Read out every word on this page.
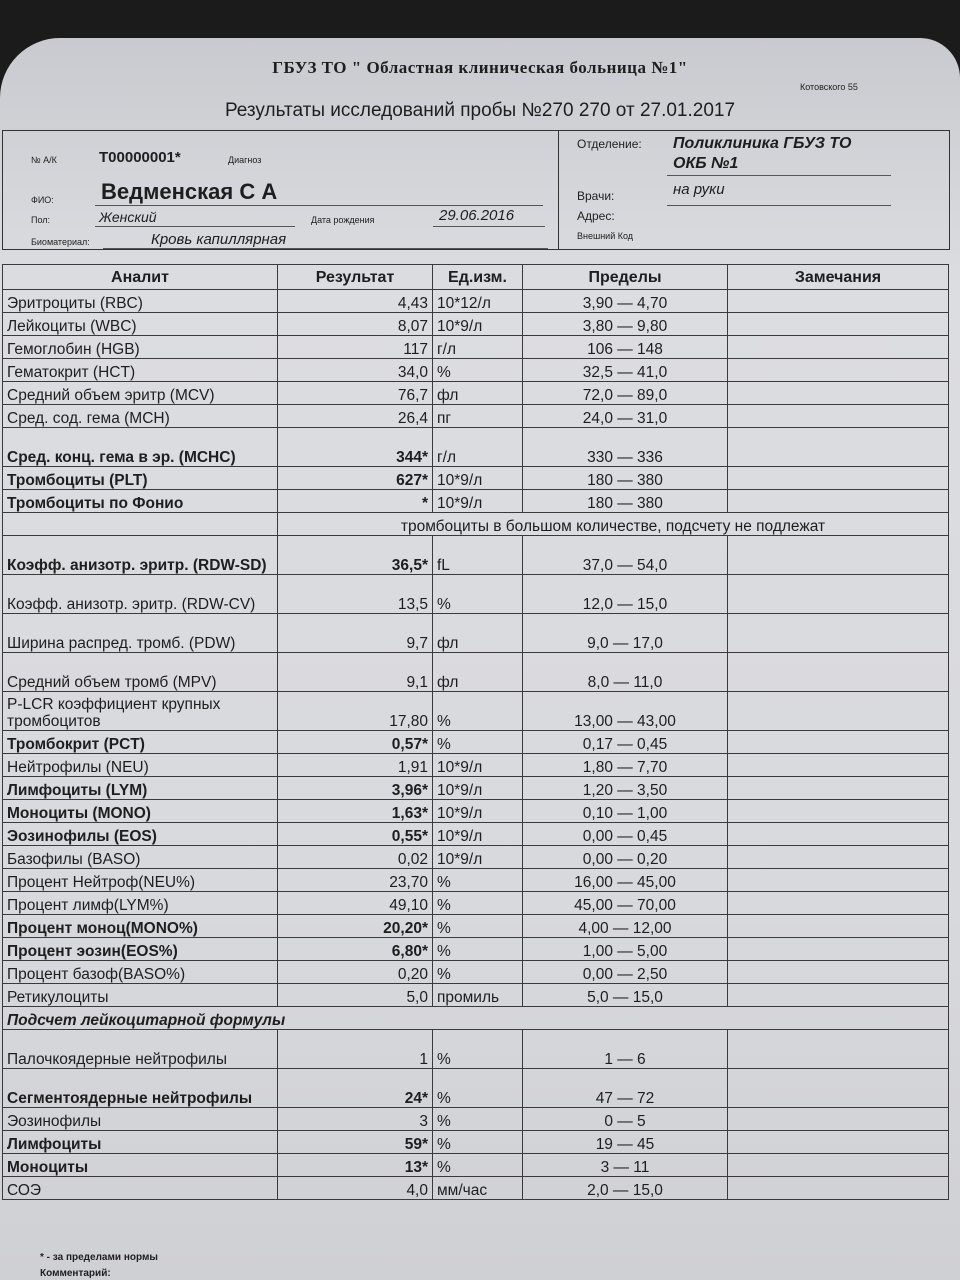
ГБУЗ ТО " Областная клиническая больница №1"
Котовского 55
Результаты исследований пробы №270 270 от 27.01.2017
№ А/К	Т00000001*	Диагноз
ФИО: Ведменская С А
Пол:	Женский	Дата рождения	29.06.2016
Биоматериал:	Кровь капиллярная
Отделение: Поликлиника ГБУЗ ТО
ОКБ №1
Врачи:	на руки
Адрес:
Внешний Код
Аналит	Результат	Ед.изм.	Пределы	Замечания
Эритроциты (RBC)	4,43	10*12/л	3,90 — 4,70	
Лейкоциты (WBC)	8,07	10*9/л	3,80 — 9,80	
Гемоглобин (HGB)	117	г/л	106 — 148	
Гематокрит (HCT)	34,0	%	32,5 — 41,0	
Средний объем эритр (MCV)	76,7	фл	72,0 — 89,0	
Сред. сод. гема (MCH)	26,4	пг	24,0 — 31,0	
Сред. конц. гема в эр. (MCHC)	344*	г/л	330 — 336	
Тромбоциты (PLT)	627*	10*9/л	180 — 380	
Тромбоциты по Фонио	*	10*9/л	180 — 380	
	тромбоциты в большом количестве, подсчету не подлежат			
Коэфф. анизотр. эритр. (RDW-SD)	36,5*	fL	37,0 — 54,0	
Коэфф. анизотр. эритр. (RDW-CV)	13,5	%	12,0 — 15,0	
Ширина распред. тромб. (PDW)	9,7	фл	9,0 — 17,0	
Средний объем тромб (MPV)	9,1	фл	8,0 — 11,0	
P-LCR коэффициент крупных тромбоцитов	17,80	%	13,00 — 43,00	
Тромбокрит (PCT)	0,57*	%	0,17 — 0,45	
Нейтрофилы (NEU)	1,91	10*9/л	1,80 — 7,70	
Лимфоциты (LYM)	3,96*	10*9/л	1,20 — 3,50	
Моноциты (MONO)	1,63*	10*9/л	0,10 — 1,00	
Эозинофилы (EOS)	0,55*	10*9/л	0,00 — 0,45	
Базофилы (BASO)	0,02	10*9/л	0,00 — 0,20	
Процент Нейтроф(NEU%)	23,70	%	16,00 — 45,00	
Процент лимф(LYM%)	49,10	%	45,00 — 70,00	
Процент моноц(MONO%)	20,20*	%	4,00 — 12,00	
Процент эозин(EOS%)	6,80*	%	1,00 — 5,00	
Процент базоф(BASO%)	0,20	%	0,00 — 2,50	
Ретикулоциты	5,0	промиль	5,0 — 15,0	
Подсчет лейкоцитарной формулы				
Палочкоядерные нейтрофилы	1	%	1 — 6	
Сегментоядерные нейтрофилы	24*	%	47 — 72	
Эозинофилы	3	%	0 — 5	
Лимфоциты	59*	%	19 — 45	
Моноциты	13*	%	3 — 11	
СОЭ	4,0	мм/час	2,0 — 15,0	
* - за пределами нормы
Комментарий:
